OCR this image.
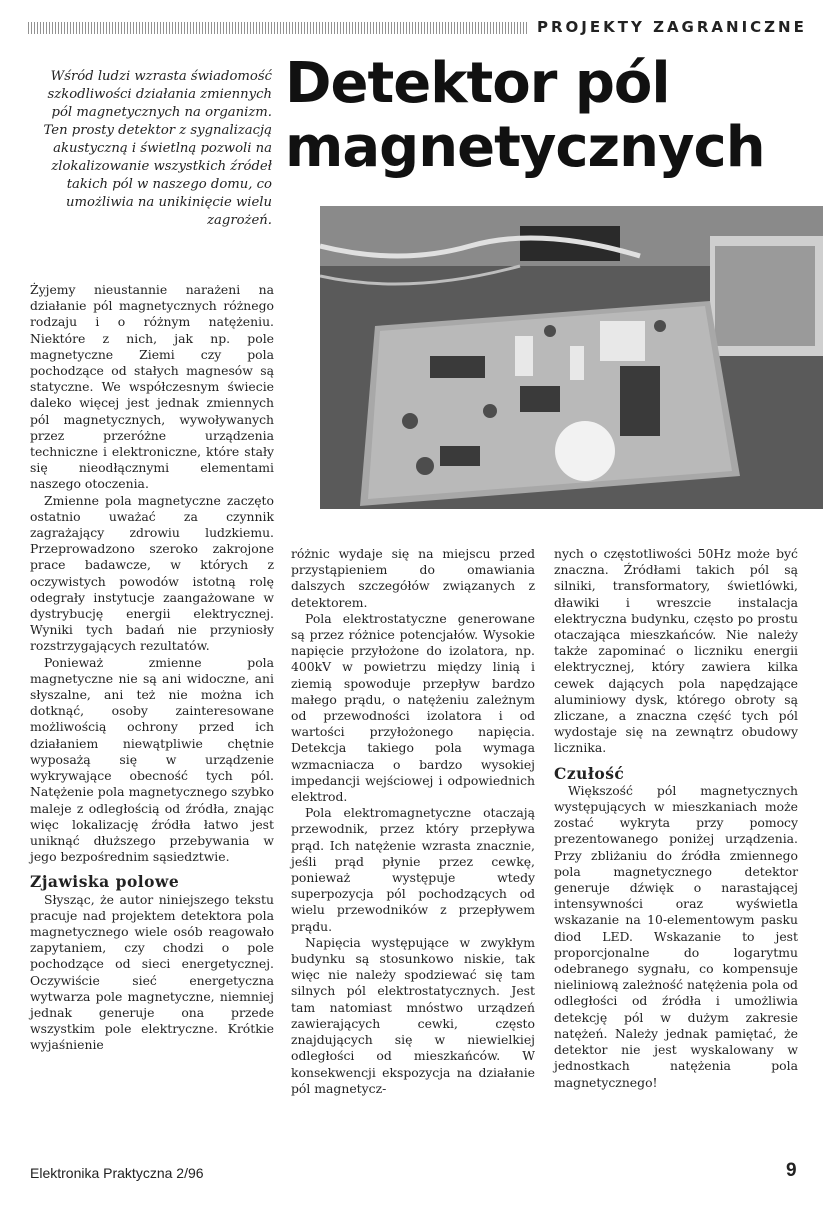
PROJEKTY ZAGRANICZNE
Wśród ludzi wzrasta świadomość szkodliwości działania zmiennych pól magnetycznych na organizm. Ten prosty detektor z sygnalizacją akustyczną i świetlną pozwoli na zlokalizowanie wszystkich źródeł takich pól w naszego domu, co umożliwia na unikinięcie wielu zagrożeń.
Detektor pól magnetycznych

Żyjemy nieustannie narażeni na działanie pól magnetycznych różnego rodzaju i o różnym natężeniu. Niektóre z nich, jak np. pole magnetyczne Ziemi czy pola pochodzące od stałych magnesów są statyczne. We współczesnym świecie daleko więcej jest jednak zmiennych pól magnetycznych, wywoływanych przez przeróżne urządzenia techniczne i elektroniczne, które stały się nieodłącznymi elementami naszego otoczenia.

Zmienne pola magnetyczne zaczęto ostatnio uważać za czynnik zagrażający zdrowiu ludzkiemu. Przeprowadzono szeroko zakrojone prace badawcze, w których z oczywistych powodów istotną rolę odegrały instytucje zaangażowane w dystrybucję energii elektrycznej. Wyniki tych badań nie przyniosły rozstrzygających rezultatów.

Ponieważ zmienne pola magnetyczne nie są ani widoczne, ani słyszalne, ani też nie można ich dotknąć, osoby zainteresowane możliwością ochrony przed ich działaniem niewątpliwie chętnie wyposażą się w urządzenie wykrywające obecność tych pól. Natężenie pola magnetycznego szybko maleje z odległością od źródła, znając więc lokalizację źródła łatwo jest uniknąć dłuższego przebywania w jego bezpośrednim sąsiedztwie.

Zjawiska polowe

Słysząc, że autor niniejszego tekstu pracuje nad projektem detektora pola magnetycznego wiele osób reagowało zapytaniem, czy chodzi o pole pochodzące od sieci energetycznej. Oczywiście sieć energetyczna wytwarza pole magnetyczne, niemniej jednak generuje ona przede wszystkim pole elektryczne. Krótkie wyjaśnienie

różnic wydaje się na miejscu przed przystąpieniem do omawiania dalszych szczegółów związanych z detektorem.

Pola elektrostatyczne generowane są przez różnice potencjałów. Wysokie napięcie przyłożone do izolatora, np. 400kV w powietrzu między linią i ziemią spowoduje przepływ bardzo małego prądu, o natężeniu zależnym od przewodności izolatora i od wartości przyłożonego napięcia. Detekcja takiego pola wymaga wzmacniacza o bardzo wysokiej impedancji wejściowej i odpowiednich elektrod.

Pola elektromagnetyczne otaczają przewodnik, przez który przepływa prąd. Ich natężenie wzrasta znacznie, jeśli prąd płynie przez cewkę, ponieważ występuje wtedy superpozycja pól pochodzących od wielu przewodników z przepływem prądu.

Napięcia występujące w zwykłym budynku są stosunkowo niskie, tak więc nie należy spodziewać się tam silnych pól elektrostatycznych. Jest tam natomiast mnóstwo urządzeń zawierających cewki, często znajdujących się w niewielkiej odległości od mieszkańców. W konsekwencji ekspozycja na działanie pól magnetycz-

nych o częstotliwości 50Hz może być znaczna. Źródłami takich pól są silniki, transformatory, świetlówki, dławiki i wreszcie instalacja elektryczna budynku, często po prostu otaczająca mieszkańców. Nie należy także zapominać o liczniku energii elektrycznej, który zawiera kilka cewek dających pola napędzające aluminiowy dysk, którego obroty są zliczane, a znaczna część tych pól wydostaje się na zewnątrz obudowy licznika.

Czułość

Większość pól magnetycznych występujących w mieszkaniach może zostać wykryta przy pomocy prezentowanego poniżej urządzenia. Przy zbliżaniu do źródła zmiennego pola magnetycznego detektor generuje dźwięk o narastającej intensywności oraz wyświetla wskazanie na 10-elementowym pasku diod LED. Wskazanie to jest proporcjonalne do logarytmu odebranego sygnału, co kompensuje nieliniową zależność natężenia pola od odległości od źródła i umożliwia detekcję pól w dużym zakresie natężeń. Należy jednak pamiętać, że detektor nie jest wyskalowany w jednostkach natężenia pola magnetycznego!

Elektronika Praktyczna 2/96	9
